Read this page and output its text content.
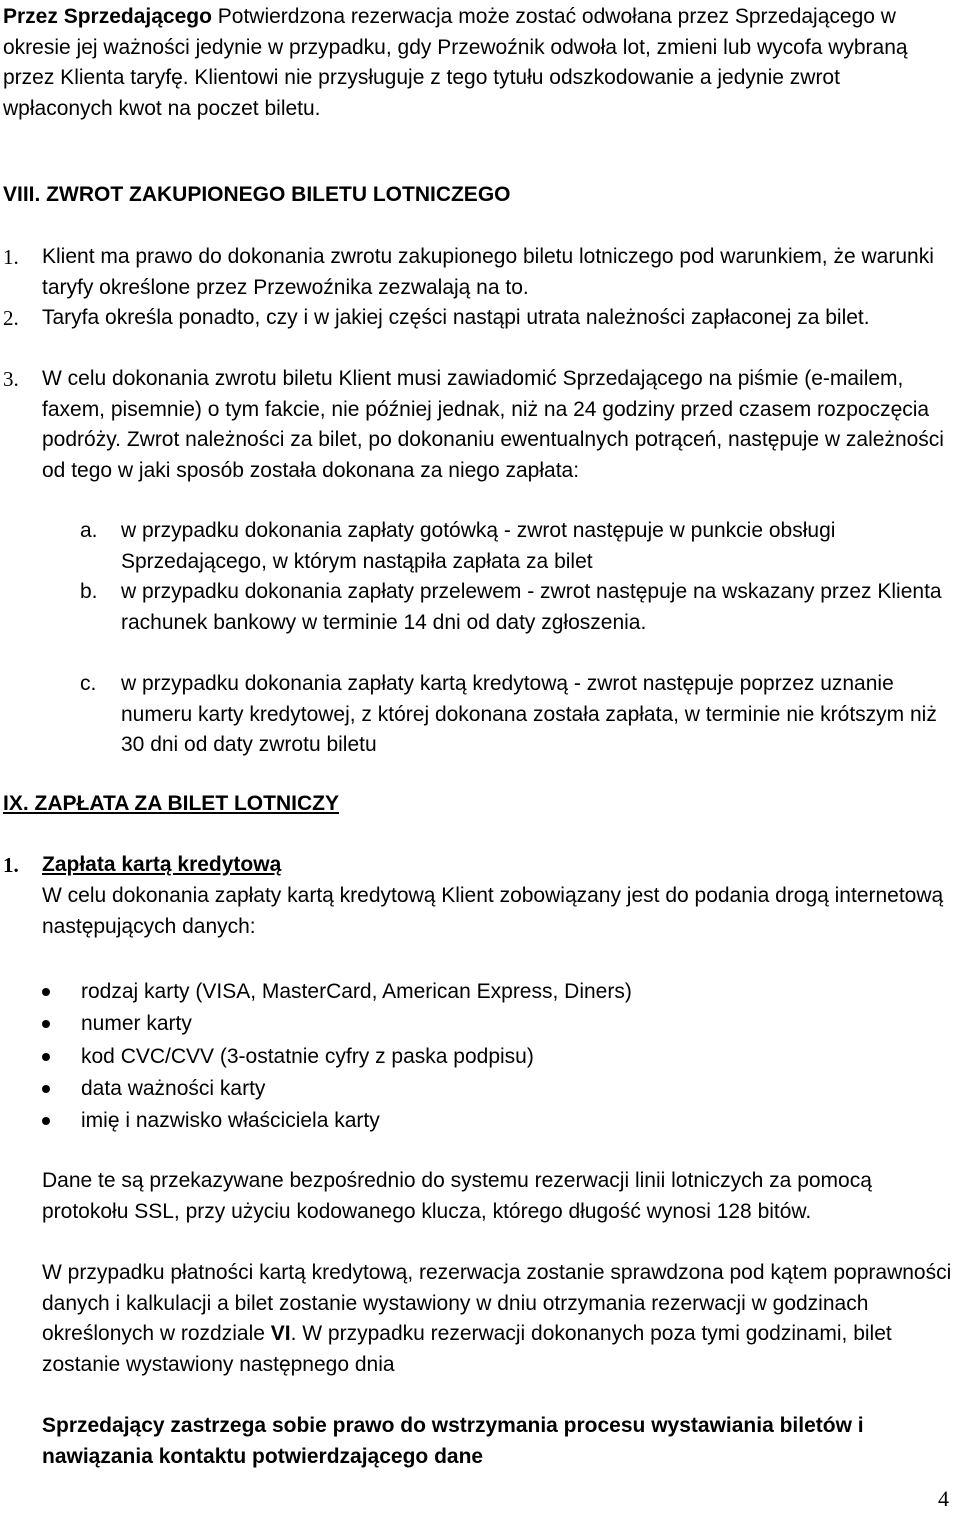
Przez Sprzedającego Potwierdzona rezerwacja może zostać odwołana przez Sprzedającego w okresie jej ważności jedynie w przypadku, gdy Przewoźnik odwoła lot, zmieni lub wycofa wybraną przez Klienta taryfę. Klientowi nie przysługuje z tego tytułu odszkodowanie a jedynie zwrot wpłaconych kwot na poczet biletu.
VIII. ZWROT ZAKUPIONEGO BILETU LOTNICZEGO
1.	Klient ma prawo do dokonania zwrotu zakupionego biletu lotniczego pod warunkiem, że warunki taryfy określone przez Przewoźnika zezwalają na to.
2.	Taryfa określa ponadto, czy i w jakiej części nastąpi utrata należności zapłaconej za bilet.
3.	W celu dokonania zwrotu biletu Klient musi zawiadomić Sprzedającego na piśmie (e-mailem, faxem, pisemnie) o tym fakcie, nie później jednak, niż na 24 godziny przed czasem rozpoczęcia podróży. Zwrot należności za bilet, po dokonaniu ewentualnych potrąceń, następuje w zależności od tego w jaki sposób została dokonana za niego zapłata:
a. w przypadku dokonania zapłaty gotówką - zwrot następuje w punkcie obsługi Sprzedającego, w którym nastąpiła zapłata za bilet
b. w przypadku dokonania zapłaty przelewem - zwrot następuje na wskazany przez Klienta rachunek bankowy w terminie 14 dni od daty zgłoszenia.
c. w przypadku dokonania zapłaty kartą kredytową - zwrot następuje poprzez uznanie numeru karty kredytowej, z której dokonana została zapłata, w terminie nie krótszym niż 30 dni od daty zwrotu biletu
IX. ZAPŁATA ZA BILET LOTNICZY
1. Zapłata kartą kredytową
W celu dokonania zapłaty kartą kredytową Klient zobowiązany jest do podania drogą internetową następujących danych:
rodzaj karty (VISA, MasterCard, American Express, Diners)
numer karty
kod CVC/CVV (3-ostatnie cyfry z paska podpisu)
data ważności karty
imię i nazwisko właściciela karty
Dane te są przekazywane bezpośrednio do systemu rezerwacji linii lotniczych za pomocą protokołu SSL, przy użyciu kodowanego klucza, którego długość wynosi 128 bitów.
W przypadku płatności kartą kredytową, rezerwacja zostanie sprawdzona pod kątem poprawności danych i kalkulacji a bilet zostanie wystawiony w dniu otrzymania rezerwacji w godzinach określonych w rozdziale VI. W przypadku rezerwacji dokonanych poza tymi godzinami, bilet zostanie wystawiony następnego dnia
Sprzedający zastrzega sobie prawo do wstrzymania procesu wystawiania biletów i nawiązania kontaktu potwierdzającego dane
4
